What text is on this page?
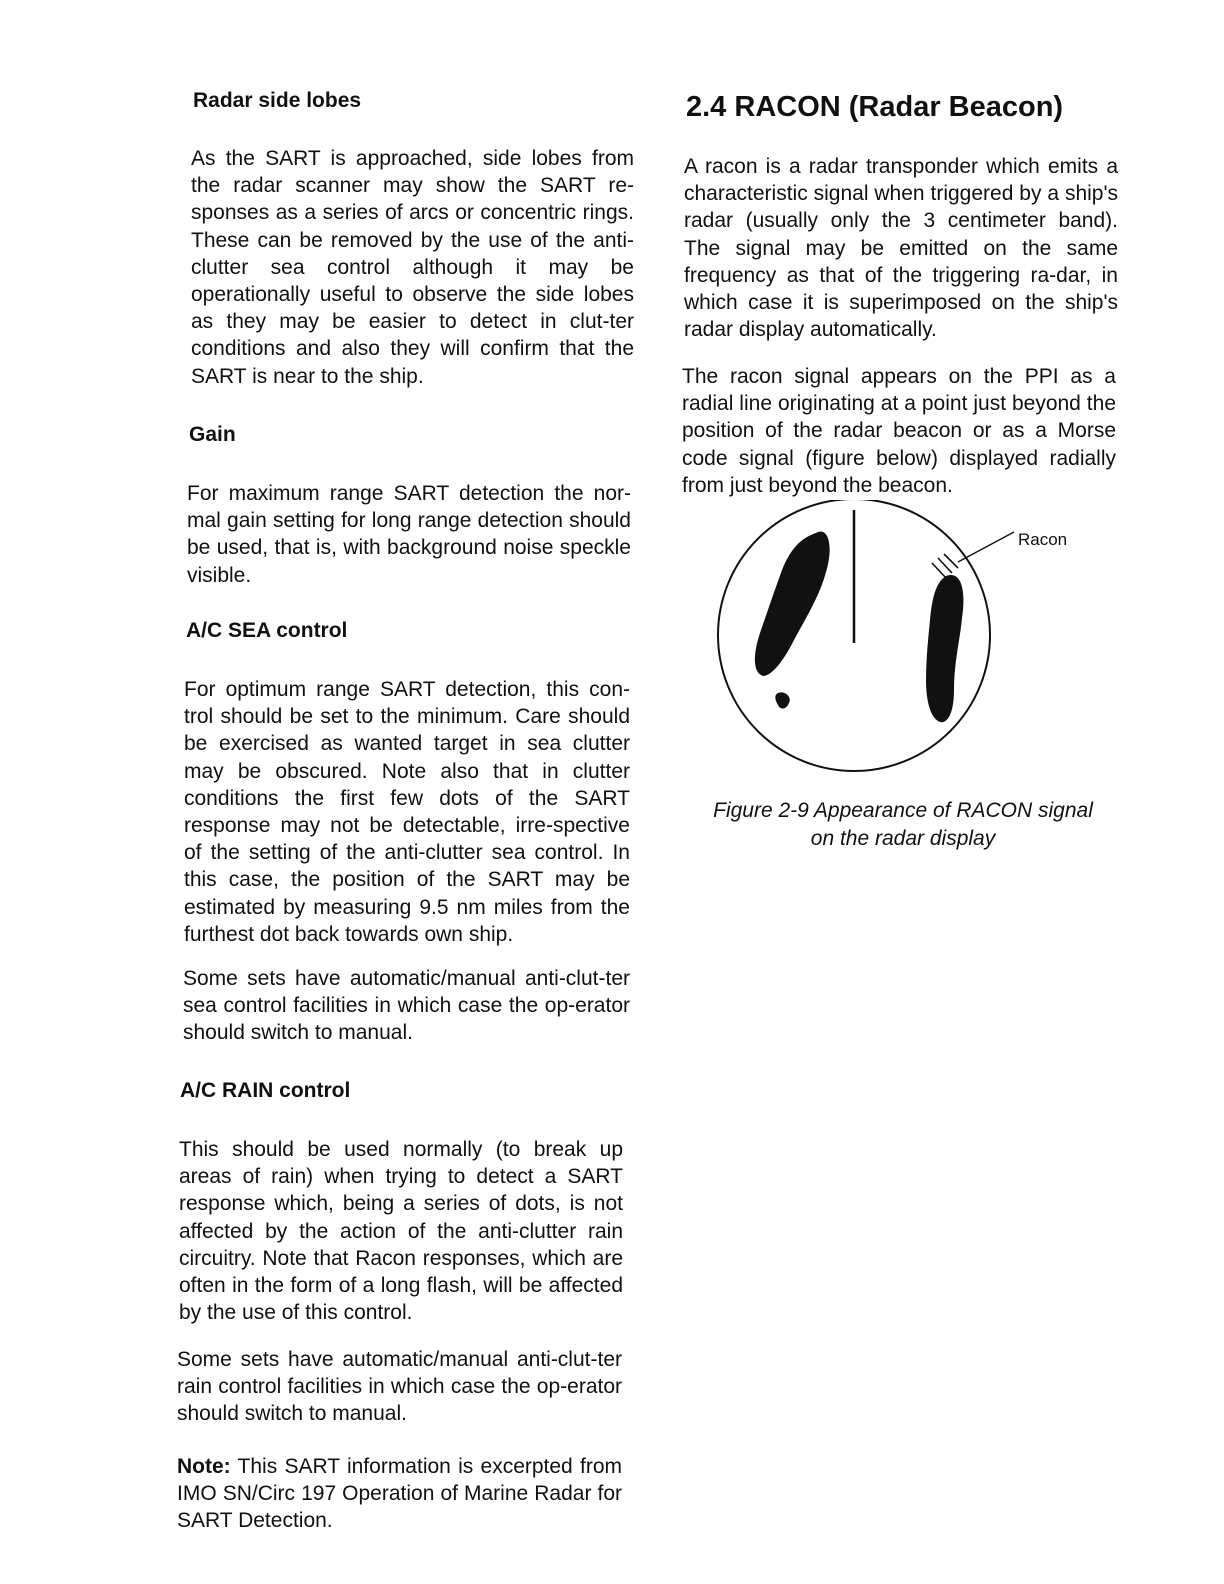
Radar side lobes

As the SART is approached, side lobes from the radar scanner may show the SART re-sponses as a series of arcs or concentric rings. These can be removed by the use of the anti-clutter sea control although it may be operationally useful to observe the side lobes as they may be easier to detect in clut-ter conditions and also they will confirm that the SART is near to the ship.

Gain

For maximum range SART detection the nor-mal gain setting for long range detection should be used, that is, with background noise speckle visible.

A/C SEA control

For optimum range SART detection, this con-trol should be set to the minimum. Care should be exercised as wanted target in sea clutter may be obscured. Note also that in clutter conditions the first few dots of the SART response may not be detectable, irre-spective of the setting of the anti-clutter sea control. In this case, the position of the SART may be estimated by measuring 9.5 nm miles from the furthest dot back towards own ship.

Some sets have automatic/manual anti-clut-ter sea control facilities in which case the op-erator should switch to manual.

A/C RAIN control

This should be used normally (to break up areas of rain) when trying to detect a SART response which, being a series of dots, is not affected by the action of the anti-clutter rain circuitry. Note that Racon responses, which are often in the form of a long flash, will be affected by the use of this control.

Some sets have automatic/manual anti-clut-ter rain control facilities in which case the op-erator should switch to manual.

Note: This SART information is excerpted from IMO SN/Circ 197 Operation of Marine Radar for SART Detection.

2.4 RACON (Radar Beacon)

A racon is a radar transponder which emits a characteristic signal when triggered by a ship's radar (usually only the 3 centimeter band). The signal may be emitted on the same frequency as that of the triggering ra-dar, in which case it is superimposed on the ship's radar display automatically.

The racon signal appears on the PPI as a radial line originating at a point just beyond the position of the radar beacon or as a Morse code signal (figure below) displayed radially from just beyond the beacon.

Racon
Figure 2-9 Appearance of RACON signal
on the radar display
